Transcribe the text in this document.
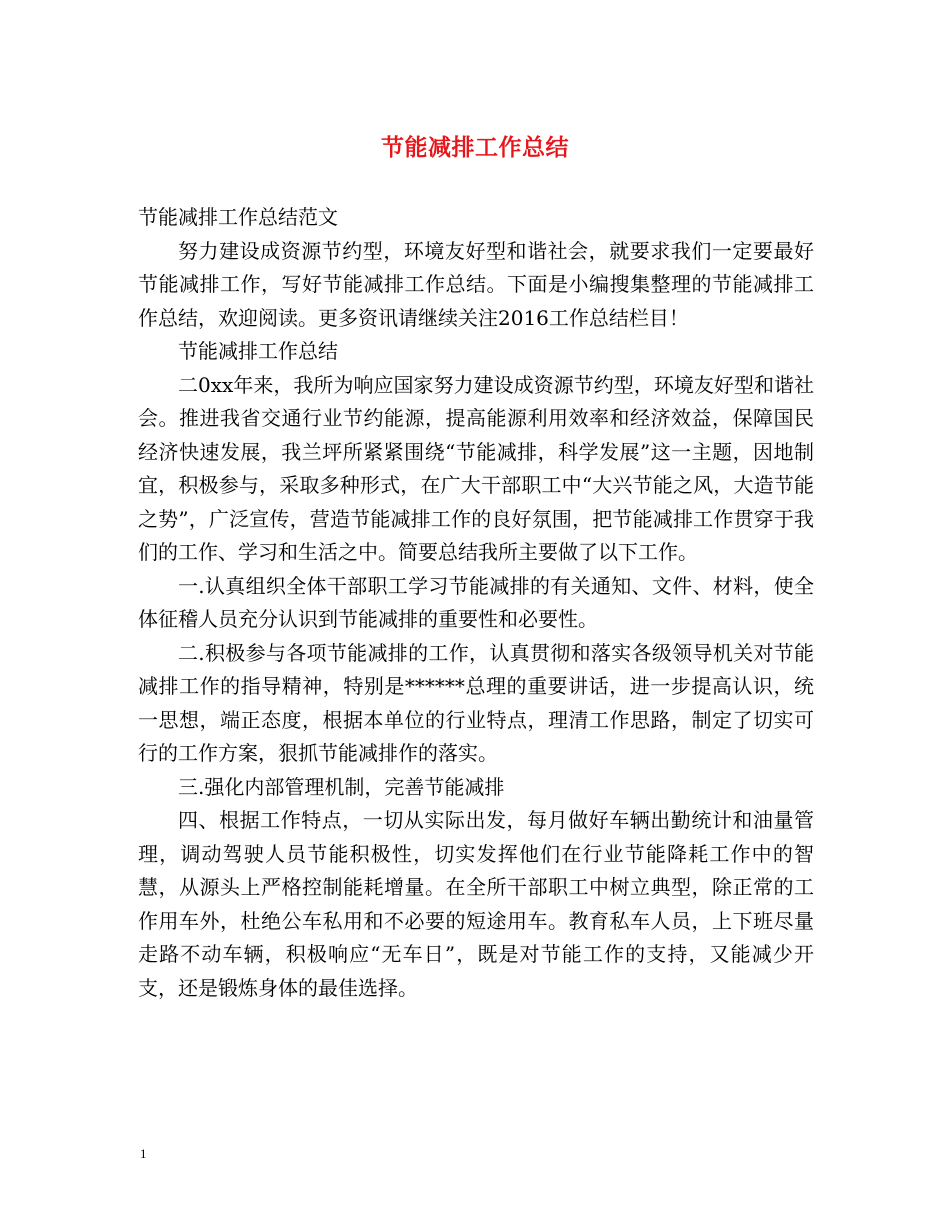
节能减排工作总结

节能减排工作总结范文

努力建设成资源节约型，环境友好型和谐社会，就要求我们一定要最好节能减排工作，写好节能减排工作总结。下面是小编搜集整理的节能减排工作总结，欢迎阅读。更多资讯请继续关注2016工作总结栏目！

节能减排工作总结

二0xx年来，我所为响应国家努力建设成资源节约型，环境友好型和谐社会。推进我省交通行业节约能源，提高能源利用效率和经济效益，保障国民经济快速发展，我兰坪所紧紧围绕“节能减排，科学发展”这一主题，因地制宜，积极参与，采取多种形式，在广大干部职工中“大兴节能之风，大造节能之势”，广泛宣传，营造节能减排工作的良好氛围，把节能减排工作贯穿于我们的工作、学习和生活之中。简要总结我所主要做了以下工作。

一.认真组织全体干部职工学习节能减排的有关通知、文件、材料，使全体征稽人员充分认识到节能减排的重要性和必要性。

二.积极参与各项节能减排的工作，认真贯彻和落实各级领导机关对节能减排工作的指导精神，特别是******总理的重要讲话，进一步提高认识，统一思想，端正态度，根据本单位的行业特点，理清工作思路，制定了切实可行的工作方案，狠抓节能减排作的落实。

三.强化内部管理机制，完善节能减排

四、根据工作特点，一切从实际出发，每月做好车辆出勤统计和油量管理，调动驾驶人员节能积极性，切实发挥他们在行业节能降耗工作中的智慧，从源头上严格控制能耗增量。在全所干部职工中树立典型，除正常的工作用车外，杜绝公车私用和不必要的短途用车。教育私车人员，上下班尽量走路不动车辆，积极响应“无车日”，既是对节能工作的支持，又能减少开支，还是锻炼身体的最佳选择。

1
